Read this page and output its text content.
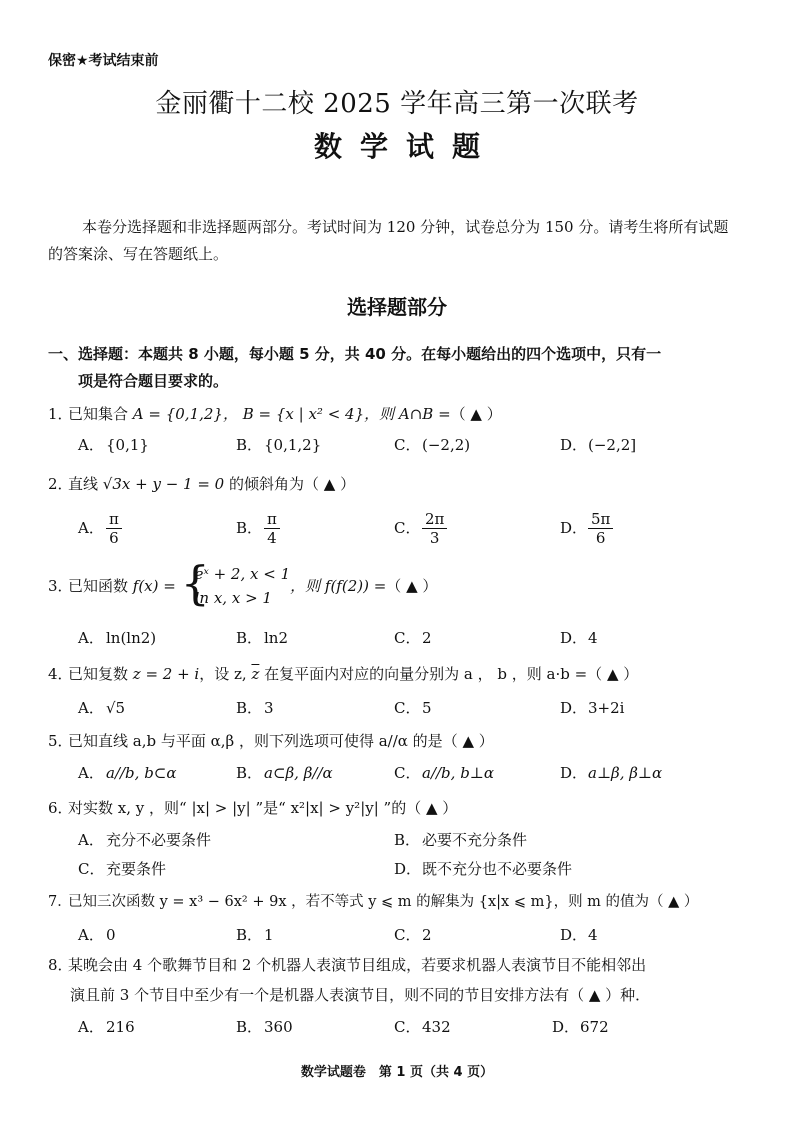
保密★考试结束前
金丽衢十二校 2025 学年高三第一次联考
数学试题
本卷分选择题和非选择题两部分。考试时间为 120 分钟，试卷总分为 150 分。请考生将所有试题的答案涂、写在答题纸上。
选择题部分
一、选择题：本题共 8 小题，每小题 5 分，共 40 分。在每小题给出的四个选项中，只有一
项是符合题目要求的。
1．已知集合 A = {0,1,2}， B = {x | x² < 4}，则 A∩B =（ ▲ ）
A． {0,1}	B． {0,1,2}	C． (−2,2)	D．(−2,2]
2．直线 √3x + y − 1 = 0 的倾斜角为（ ▲ ）
A． $\frac{\pi}{6}$	B． $\frac{\pi}{4}$	C． $\frac{2\pi}{3}$	D． $\frac{5\pi}{6}$
3．已知函数 f(x) = {
eˣ + 2, x < 1
ln x, x > 1
，则 f(f(2)) =（ ▲ ）
A． ln(ln2)	B． ln2	C． 2	D．4
4．已知复数 z = 2 + i，设 z, $\overline{z}$ 在复平面内对应的向量分别为 a ， b ，则 a·b =（ ▲ ）
A． √5	B． 3	C． 5	D．3+2i
5．已知直线 a,b 与平面 α,β ，则下列选项可使得 a//α 的是（ ▲ ）
A． a//b, b⊂α	B． a⊂β, β//α	C． a//b, b⊥α	D．a⊥β, β⊥α
6．对实数 x, y ，则“ |x| > |y| ”是“ x²|x| > y²|y| ”的（ ▲ ）
A． 充分不必要条件	B． 必要不充分条件
C． 充要条件	D．既不充分也不必要条件
7．已知三次函数 y = x³ − 6x² + 9x ，若不等式 y ⩽ m 的解集为 {x|x ⩽ m}，则 m 的值为（ ▲ ）
A． 0	B． 1	C． 2	D．4
8．某晚会由 4 个歌舞节目和 2 个机器人表演节目组成，若要求机器人表演节目不能相邻出
演且前 3 个节目中至少有一个是机器人表演节目，则不同的节目安排方法有（ ▲ ）种．
A． 216	B． 360	C． 432	D．672
数学试题卷　第 1 页（共 4 页）
